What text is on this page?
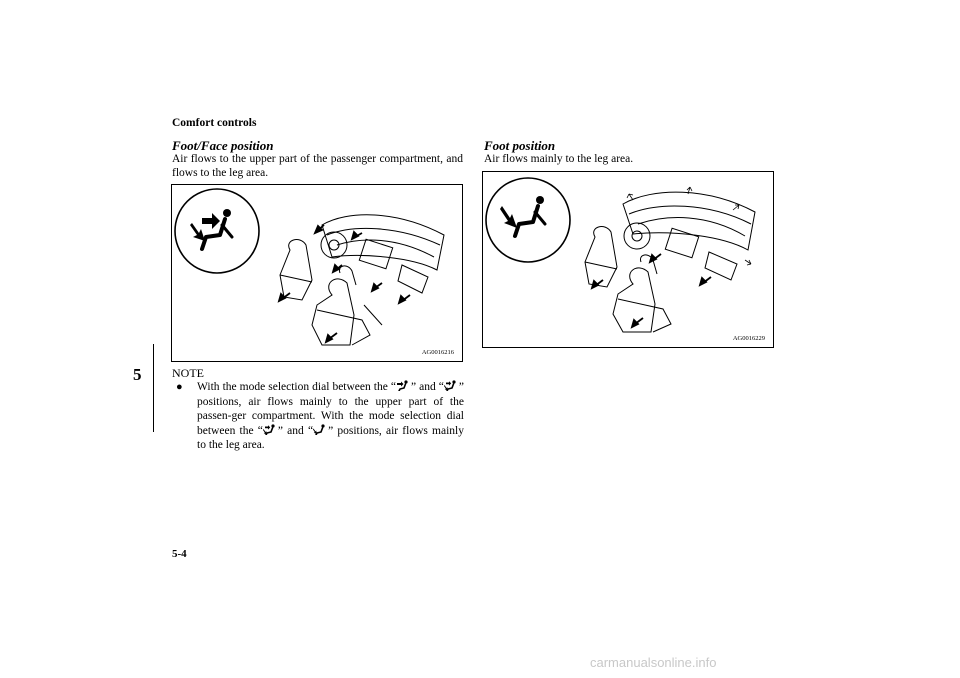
Comfort controls
5
Foot/Face position
Air flows to the upper part of the passenger compartment, and flows to the leg area.
AG0016216
NOTE
● With the mode selection dial between the “ ” and “ ” positions, air flows mainly to the upper part of the passen-ger compartment. With the mode selection dial between the “ ” and “ ” positions, air flows mainly to the leg area.
Foot position
Air flows mainly to the leg area.
AG0016229
5-4
carmanualsonline.info
